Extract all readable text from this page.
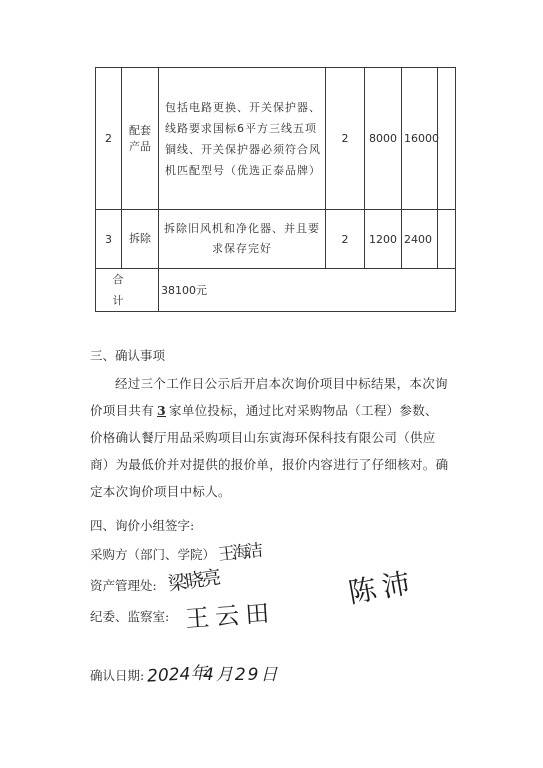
2	配套产品	包括电路更换、开关保护器、线路要求国标6平方三线五项铜线、开关保护器必须符合风机匹配型号（优选正泰品牌）	2	8000	16000	
3	拆除	拆除旧风机和净化器、并且要求保存完好	2	1200	2400	
合 计		38100元				
三、确认事项
经过三个工作日公示后开启本次询价项目中标结果，本次询价项目共有 3 家单位投标，通过比对采购物品（工程）参数、价格确认餐厅用品采购项目山东寅海环保科技有限公司（供应商）为最低价并对提供的报价单，报价内容进行了仔细核对。确定本次询价项目中标人。
四、询价小组签字:
采购方（部门、学院）
资产管理处:
纪委、监察室:
王海洁
梁晓亮
王云田
陈沛
确认日期: 2024年
4月29日
